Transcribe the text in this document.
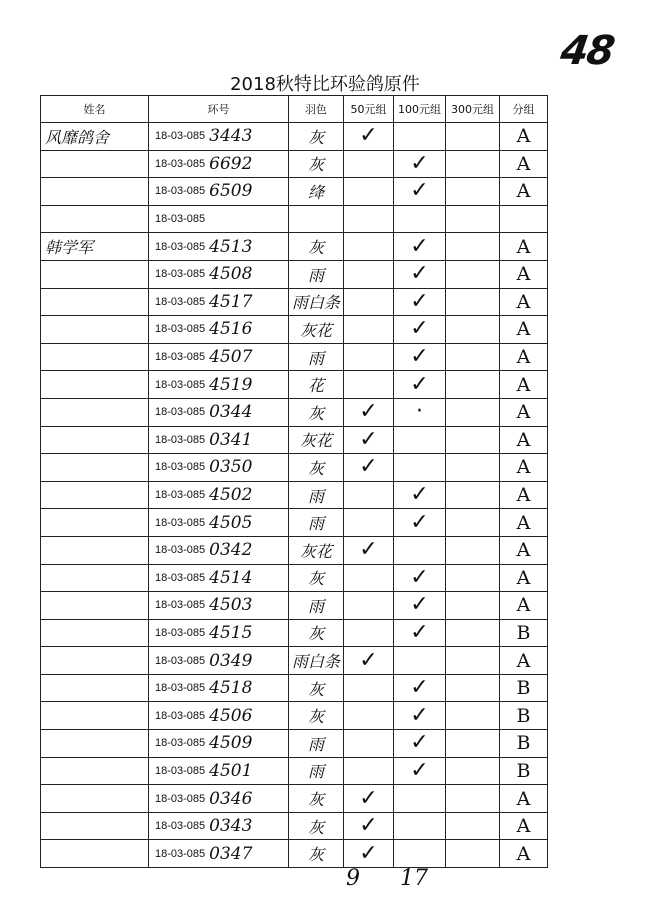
48
2018秋特比环验鸽原件
姓名	环号	羽色	50元组	100元组	300元组	分组
风靡鸽舍	18-03-085 3443	灰	✓			A
	18-03-085 6692	灰		✓		A
	18-03-085 6509	绛		✓		A
	18-03-085					
韩学军	18-03-085 4513	灰		✓		A
	18-03-085 4508	雨		✓		A
	18-03-085 4517	雨白条		✓		A
	18-03-085 4516	灰花		✓		A
	18-03-085 4507	雨		✓		A
	18-03-085 4519	花		✓		A
	18-03-085 0344	灰	✓	·		A
	18-03-085 0341	灰花	✓			A
	18-03-085 0350	灰	✓			A
	18-03-085 4502	雨		✓		A
	18-03-085 4505	雨		✓		A
	18-03-085 0342	灰花	✓			A
	18-03-085 4514	灰		✓		A
	18-03-085 4503	雨		✓		A
	18-03-085 4515	灰		✓		B
	18-03-085 0349	雨白条	✓			A
	18-03-085 4518	灰		✓		B
	18-03-085 4506	灰		✓		B
	18-03-085 4509	雨		✓		B
	18-03-085 4501	雨		✓		B
	18-03-085 0346	灰	✓			A
	18-03-085 0343	灰	✓			A
	18-03-085 0347	灰	✓			A
9 17
